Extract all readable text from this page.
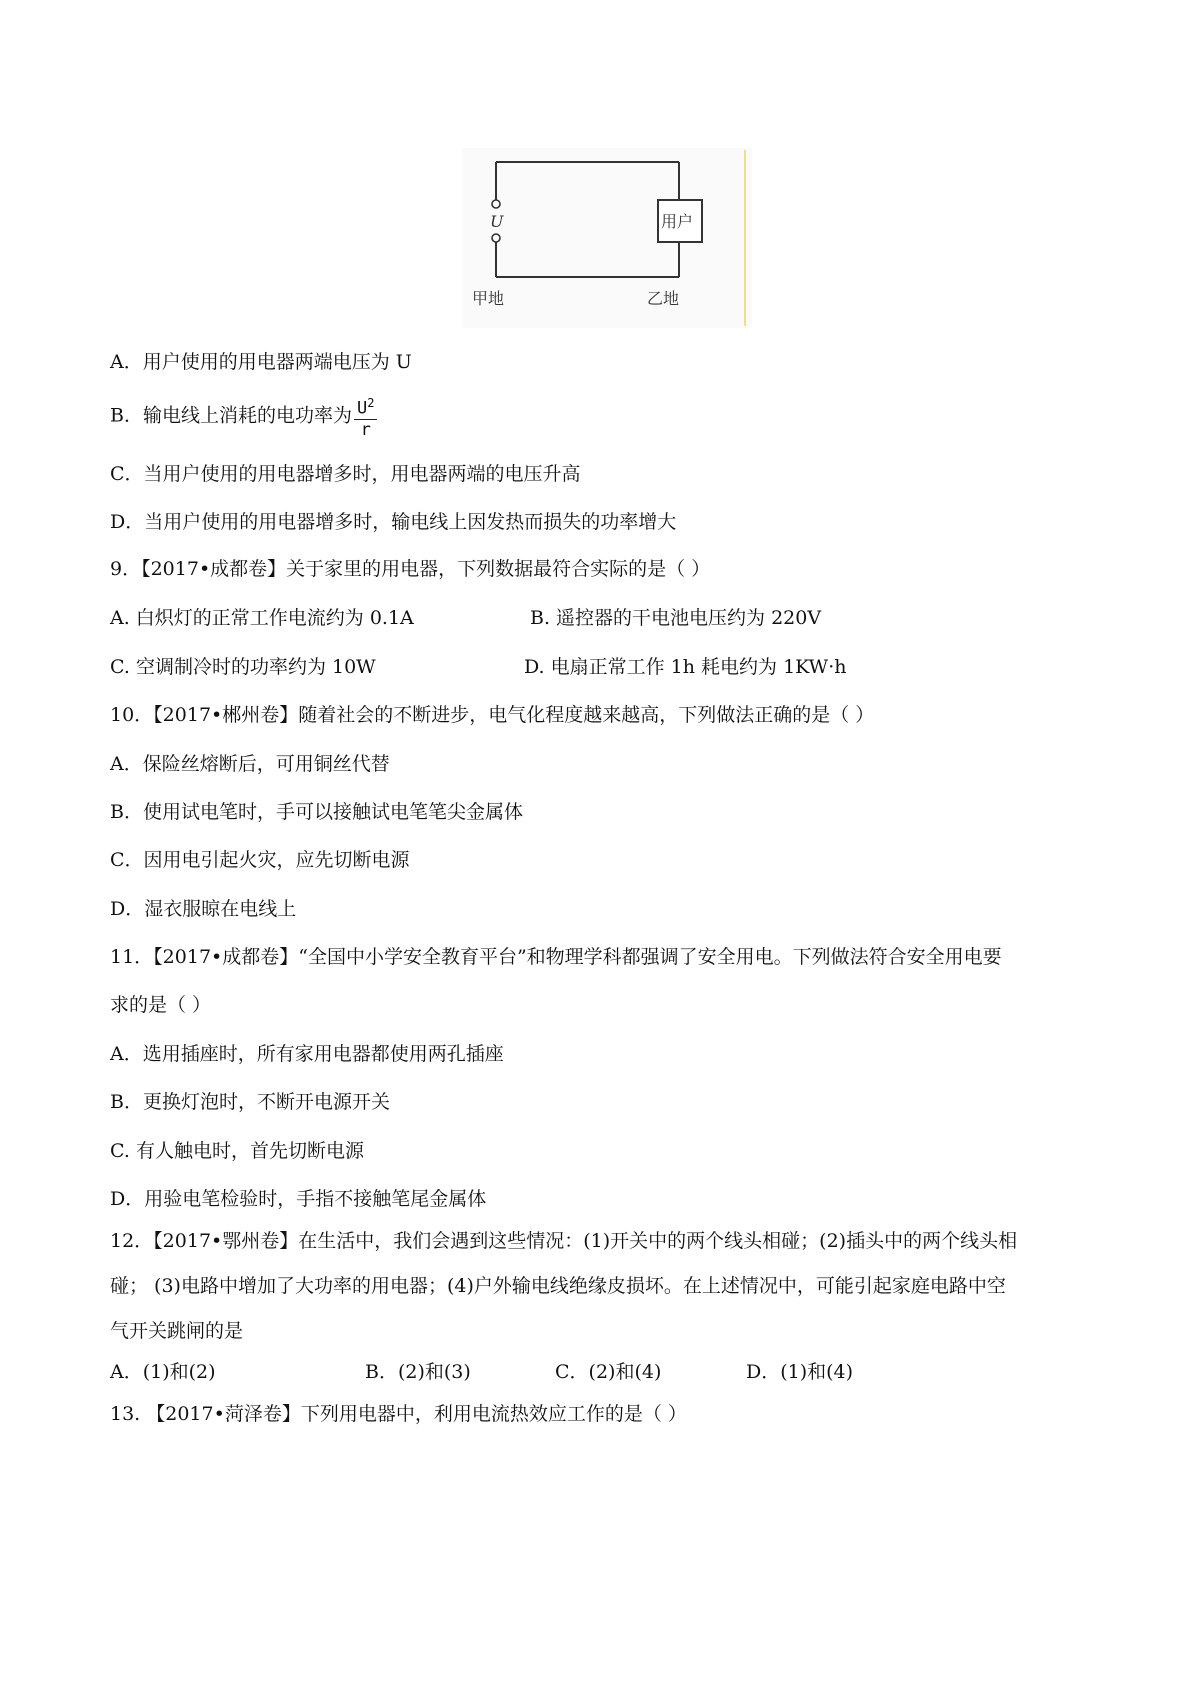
U	用户
甲地	乙地
A．用户使用的用电器两端电压为 U
B．输电线上消耗的电功率为 $\frac{U^2}{r}$
C．当用户使用的用电器增多时，用电器两端的电压升高
D．当用户使用的用电器增多时，输电线上因发热而损失的功率增大
9．【2017•成都卷】关于家里的用电器，下列数据最符合实际的是（ ）
A. 白炽灯的正常工作电流约为 0.1A	B. 遥控器的干电池电压约为 220V
C. 空调制冷时的功率约为 10W	D. 电扇正常工作 1h 耗电约为 1KW·h
10．【2017•郴州卷】随着社会的不断进步，电气化程度越来越高，下列做法正确的是（ ）
A．保险丝熔断后，可用铜丝代替
B．使用试电笔时，手可以接触试电笔笔尖金属体
C．因用电引起火灾，应先切断电源
D．湿衣服晾在电线上
11．【2017•成都卷】“全国中小学安全教育平台”和物理学科都强调了安全用电。下列做法符合安全用电要
求的是（ ）
A．选用插座时，所有家用电器都使用两孔插座
B．更换灯泡时，不断开电源开关
C. 有人触电时，首先切断电源
D．用验电笔检验时，手指不接触笔尾金属体
12．【2017•鄂州卷】在生活中，我们会遇到这些情况：(1)开关中的两个线头相碰；(2)插头中的两个线头相
碰； (3)电路中增加了大功率的用电器；(4)户外输电线绝缘皮损坏。在上述情况中，可能引起家庭电路中空
气开关跳闸的是
A．(1)和(2)	B．(2)和(3)	C．(2)和(4)	D．(1)和(4)
13. 【2017•菏泽卷】下列用电器中，利用电流热效应工作的是（ ）
